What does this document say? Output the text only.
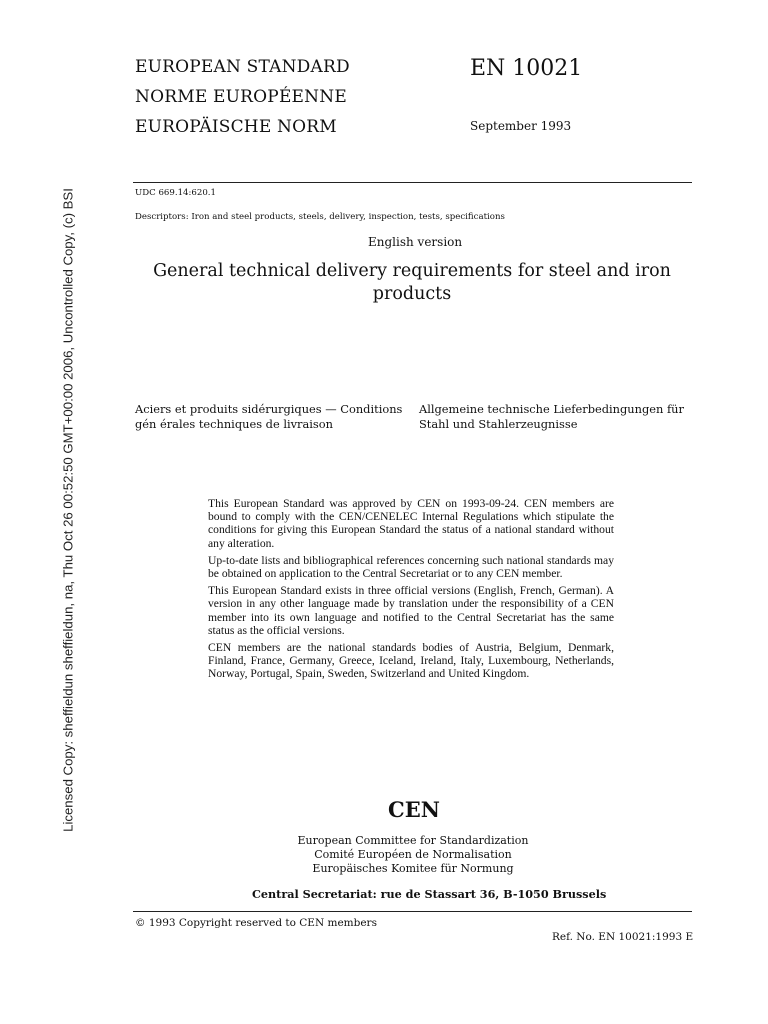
Licensed Copy: sheffieldun sheffieldun, na, Thu Oct 26 00:52:50 GMT+00:00 2006, Uncontrolled Copy, (c) BSI
EUROPEAN STANDARD
NORME EUROPÉENNE
EUROPÄISCHE NORM
EN 10021
September 1993
UDC 669.14:620.1
Descriptors: Iron and steel products, steels, delivery, inspection, tests, specifications
English version
General technical delivery requirements for steel and iron products
Aciers et produits sidérurgiques — Conditions gén érales techniques de livraison
Allgemeine technische Lieferbedingungen für Stahl und Stahlerzeugnisse

This European Standard was approved by CEN on 1993-09-24. CEN members are bound to comply with the CEN/CENELEC Internal Regulations which stipulate the conditions for giving this European Standard the status of a national standard without any alteration.

Up-to-date lists and bibliographical references concerning such national standards may be obtained on application to the Central Secretariat or to any CEN member.

This European Standard exists in three official versions (English, French, German). A version in any other language made by translation under the responsibility of a CEN member into its own language and notified to the Central Secretariat has the same status as the official versions.

CEN members are the national standards bodies of Austria, Belgium, Denmark, Finland, France, Germany, Greece, Iceland, Ireland, Italy, Luxembourg, Netherlands, Norway, Portugal, Spain, Sweden, Switzerland and United Kingdom.

CEN
European Committee for Standardization
Comité Européen de Normalisation
Europäisches Komitee für Normung
Central Secretariat: rue de Stassart 36, B-1050 Brussels
© 1993 Copyright reserved to CEN members
Ref. No. EN 10021:1993 E
